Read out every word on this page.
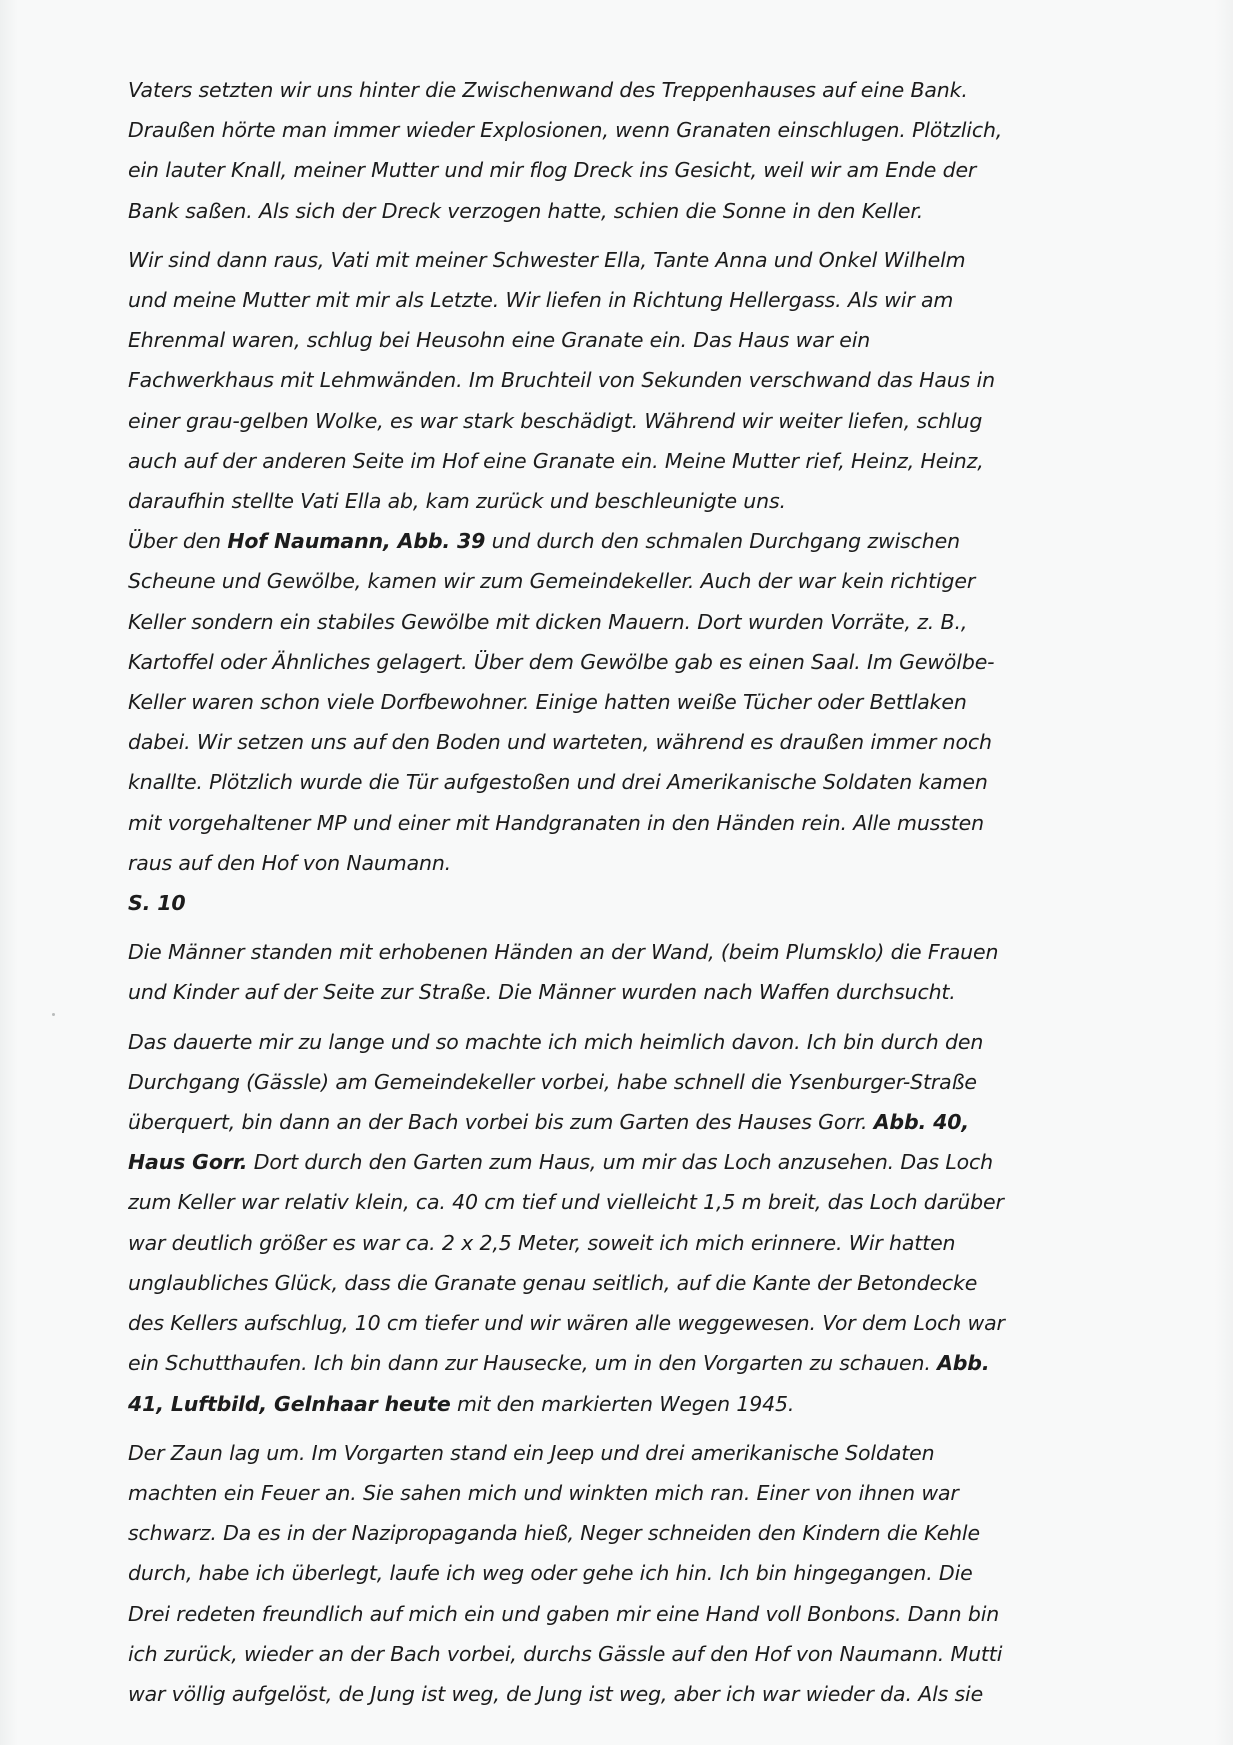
Vaters setzten wir uns hinter die Zwischenwand des Treppenhauses auf eine Bank.
Draußen hörte man immer wieder Explosionen, wenn Granaten einschlugen. Plötzlich,
ein lauter Knall, meiner Mutter und mir flog Dreck ins Gesicht, weil wir am Ende der
Bank saßen. Als sich der Dreck verzogen hatte, schien die Sonne in den Keller.
Wir sind dann raus, Vati mit meiner Schwester Ella, Tante Anna und Onkel Wilhelm
und meine Mutter mit mir als Letzte. Wir liefen in Richtung Hellergass. Als wir am
Ehrenmal waren, schlug bei Heusohn eine Granate ein. Das Haus war ein
Fachwerkhaus mit Lehmwänden. Im Bruchteil von Sekunden verschwand das Haus in
einer grau-gelben Wolke, es war stark beschädigt. Während wir weiter liefen, schlug
auch auf der anderen Seite im Hof eine Granate ein. Meine Mutter rief, Heinz, Heinz,
daraufhin stellte Vati Ella ab, kam zurück und beschleunigte uns.
Über den Hof Naumann, Abb. 39 und durch den schmalen Durchgang zwischen
Scheune und Gewölbe, kamen wir zum Gemeindekeller. Auch der war kein richtiger
Keller sondern ein stabiles Gewölbe mit dicken Mauern. Dort wurden Vorräte, z. B.,
Kartoffel oder Ähnliches gelagert. Über dem Gewölbe gab es einen Saal. Im Gewölbe-
Keller waren schon viele Dorfbewohner. Einige hatten weiße Tücher oder Bettlaken
dabei. Wir setzen uns auf den Boden und warteten, während es draußen immer noch
knallte. Plötzlich wurde die Tür aufgestoßen und drei Amerikanische Soldaten kamen
mit vorgehaltener MP und einer mit Handgranaten in den Händen rein. Alle mussten
raus auf den Hof von Naumann.
S. 10
Die Männer standen mit erhobenen Händen an der Wand, (beim Plumsklo) die Frauen
und Kinder auf der Seite zur Straße. Die Männer wurden nach Waffen durchsucht.
Das dauerte mir zu lange und so machte ich mich heimlich davon. Ich bin durch den
Durchgang (Gässle) am Gemeindekeller vorbei, habe schnell die Ysenburger-Straße
überquert, bin dann an der Bach vorbei bis zum Garten des Hauses Gorr. Abb. 40,
Haus Gorr. Dort durch den Garten zum Haus, um mir das Loch anzusehen. Das Loch
zum Keller war relativ klein, ca. 40 cm tief und vielleicht 1,5 m breit, das Loch darüber
war deutlich größer es war ca. 2 x 2,5 Meter, soweit ich mich erinnere. Wir hatten
unglaubliches Glück, dass die Granate genau seitlich, auf die Kante der Betondecke
des Kellers aufschlug, 10 cm tiefer und wir wären alle weggewesen. Vor dem Loch war
ein Schutthaufen. Ich bin dann zur Hausecke, um in den Vorgarten zu schauen. Abb.
41, Luftbild, Gelnhaar heute mit den markierten Wegen 1945.
Der Zaun lag um. Im Vorgarten stand ein Jeep und drei amerikanische Soldaten
machten ein Feuer an. Sie sahen mich und winkten mich ran. Einer von ihnen war
schwarz. Da es in der Nazipropaganda hieß, Neger schneiden den Kindern die Kehle
durch, habe ich überlegt, laufe ich weg oder gehe ich hin. Ich bin hingegangen. Die
Drei redeten freundlich auf mich ein und gaben mir eine Hand voll Bonbons. Dann bin
ich zurück, wieder an der Bach vorbei, durchs Gässle auf den Hof von Naumann. Mutti
war völlig aufgelöst, de Jung ist weg, de Jung ist weg, aber ich war wieder da. Als sie
